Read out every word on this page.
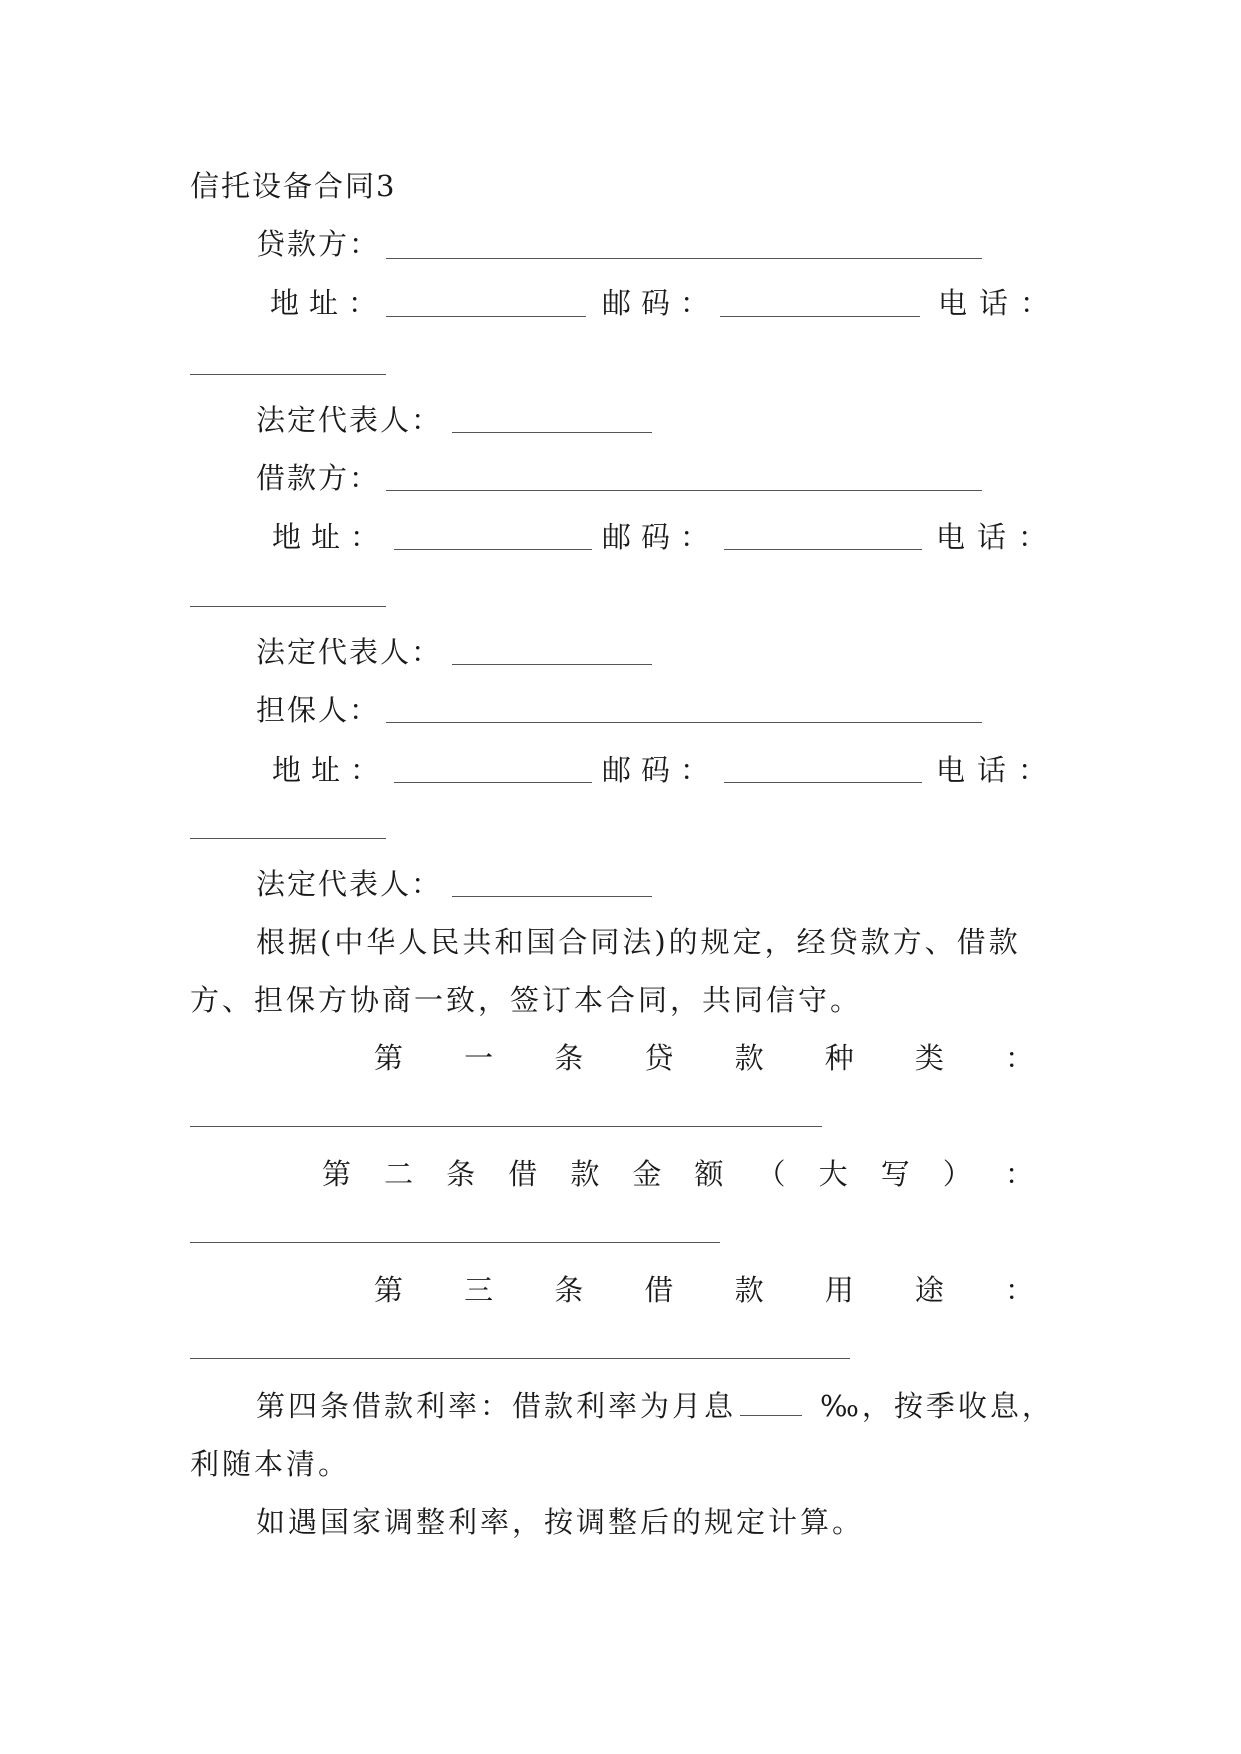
信托设备合同3
贷款方：
地址：	邮码：	电话：
法定代表人：
借款方：
地址：	邮码：	电话：
法定代表人：
担保人：
地址：	邮码：	电话：
法定代表人：
根据(中华人民共和国合同法)的规定，经贷款方、借款
方、担保方协商一致，签订本合同，共同信守。
第 一 条 贷 款 种 类 ：
第 二 条 借 款 金 额 （ 大 写 ） ：
第 三 条 借 款 用 途 ：
第四条借款利率：借款利率为月息	‰，按季收息，
利随本清。
如遇国家调整利率，按调整后的规定计算。
